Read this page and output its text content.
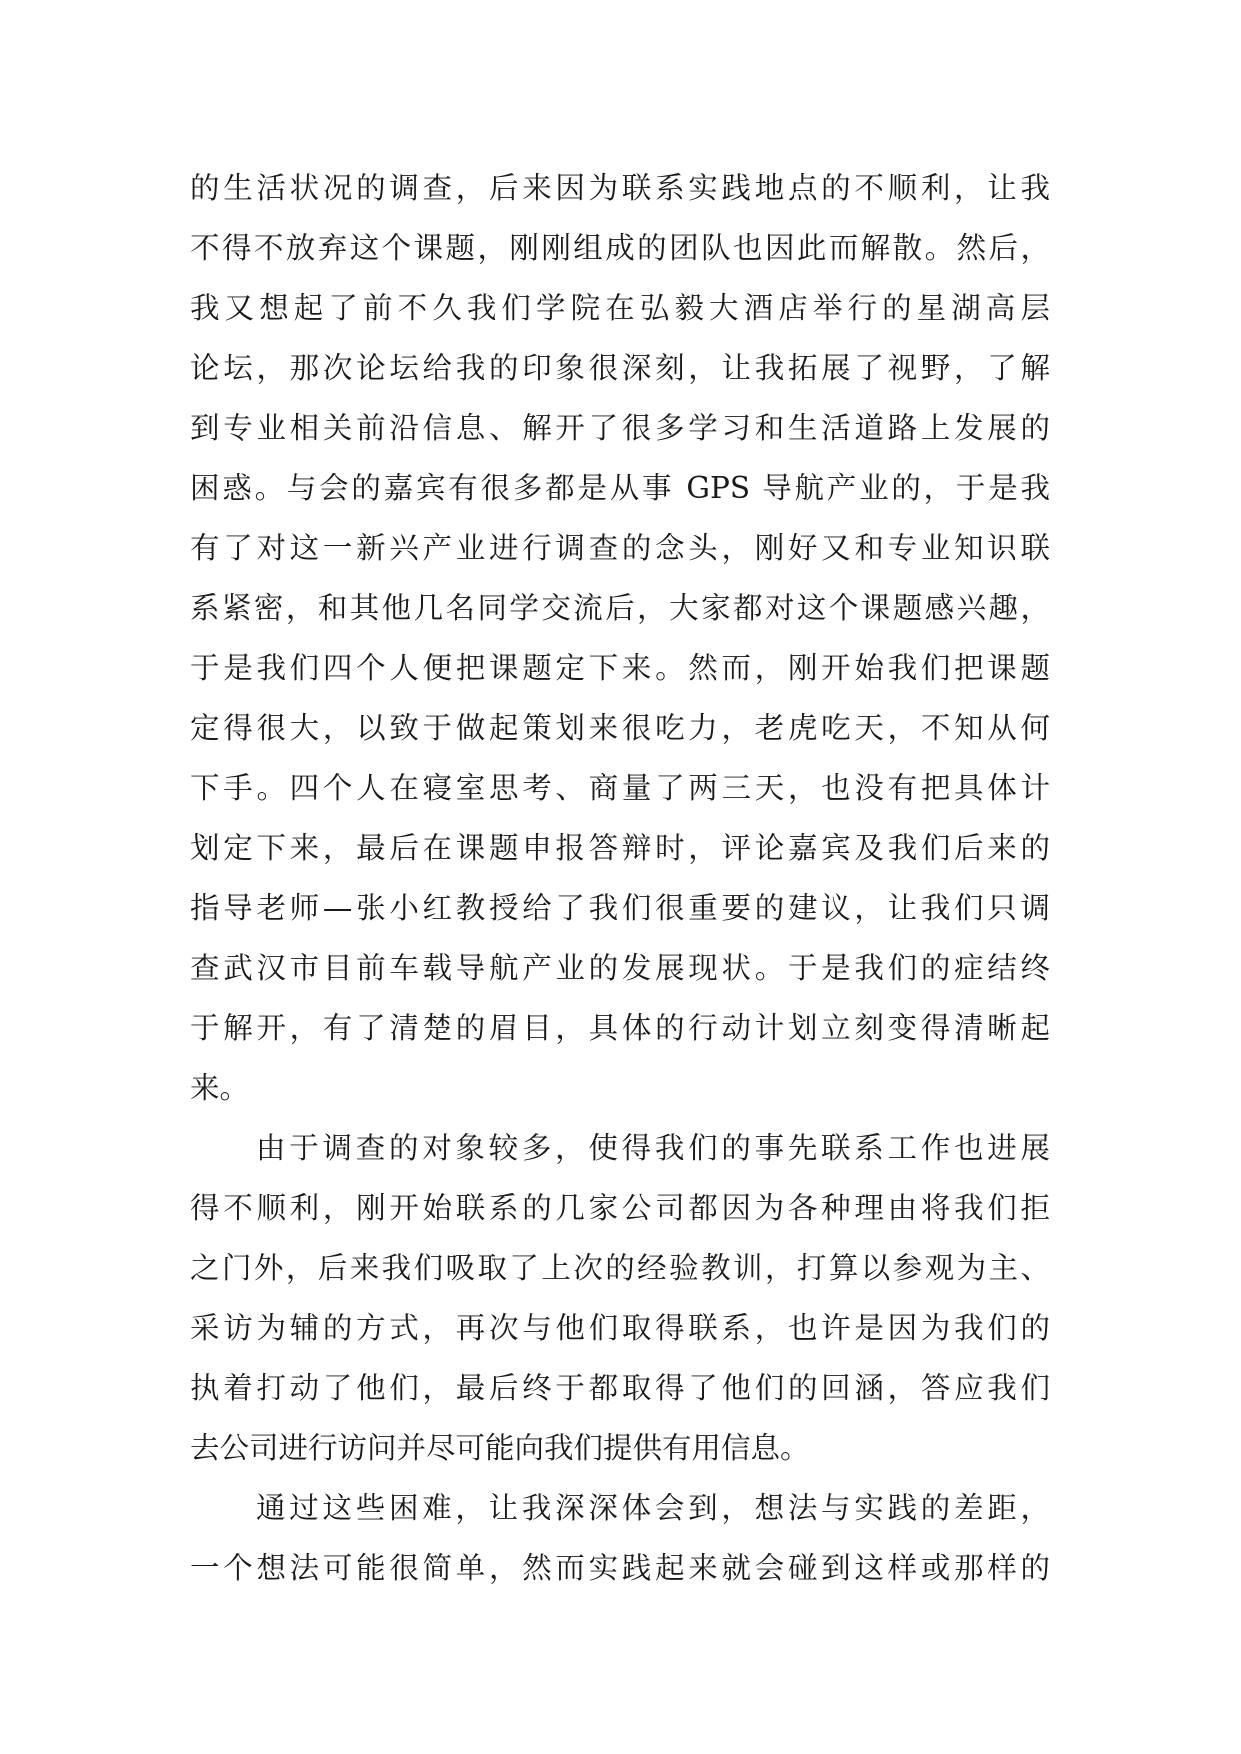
的生活状况的调查，后来因为联系实践地点的不顺利，让我
不得不放弃这个课题，刚刚组成的团队也因此而解散。然后，
我又想起了前不久我们学院在弘毅大酒店举行的星湖高层
论坛，那次论坛给我的印象很深刻，让我拓展了视野，了解
到专业相关前沿信息、解开了很多学习和生活道路上发展的
困惑。与会的嘉宾有很多都是从事 GPS 导航产业的，于是我
有了对这一新兴产业进行调查的念头，刚好又和专业知识联
系紧密，和其他几名同学交流后，大家都对这个课题感兴趣，
于是我们四个人便把课题定下来。然而，刚开始我们把课题
定得很大，以致于做起策划来很吃力，老虎吃天，不知从何
下手。四个人在寝室思考、商量了两三天，也没有把具体计
划定下来，最后在课题申报答辩时，评论嘉宾及我们后来的
指导老师—张小红教授给了我们很重要的建议，让我们只调
查武汉市目前车载导航产业的发展现状。于是我们的症结终
于解开，有了清楚的眉目，具体的行动计划立刻变得清晰起
来。
由于调查的对象较多，使得我们的事先联系工作也进展
得不顺利，刚开始联系的几家公司都因为各种理由将我们拒
之门外，后来我们吸取了上次的经验教训，打算以参观为主、
采访为辅的方式，再次与他们取得联系，也许是因为我们的
执着打动了他们，最后终于都取得了他们的回涵，答应我们
去公司进行访问并尽可能向我们提供有用信息。
通过这些困难，让我深深体会到，想法与实践的差距，
一个想法可能很简单，然而实践起来就会碰到这样或那样的
